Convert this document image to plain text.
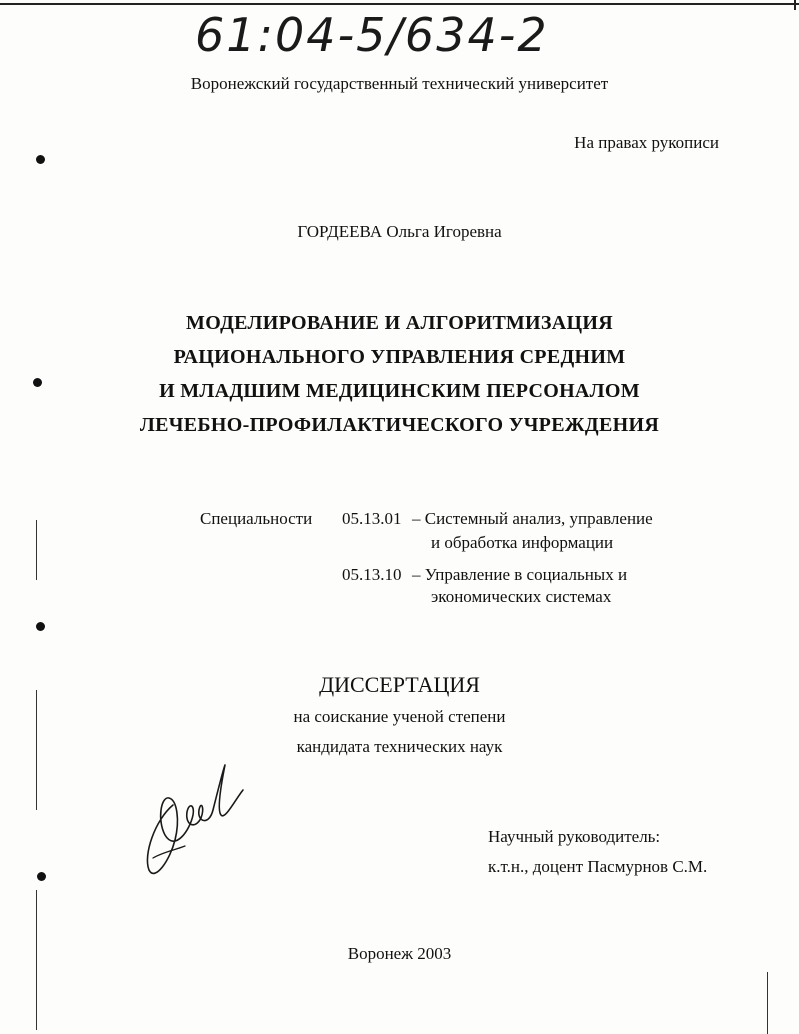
61:04-5/634-2
Воронежский государственный технический университет
На правах рукописи
ГОРДЕЕВА Ольга Игоревна
МОДЕЛИРОВАНИЕ И АЛГОРИТМИЗАЦИЯ
РАЦИОНАЛЬНОГО УПРАВЛЕНИЯ СРЕДНИМ
И МЛАДШИМ МЕДИЦИНСКИМ ПЕРСОНАЛОМ
ЛЕЧЕБНО-ПРОФИЛАКТИЧЕСКОГО УЧРЕЖДЕНИЯ
Специальности 05.13.01 – Системный анализ, управление
и обработка информации
05.13.10 – Управление в социальных и
экономических системах
ДИССЕРТАЦИЯ
на соискание ученой степени
кандидата технических наук
Научный руководитель:
к.т.н., доцент Пасмурнов С.М.
Воронеж 2003
